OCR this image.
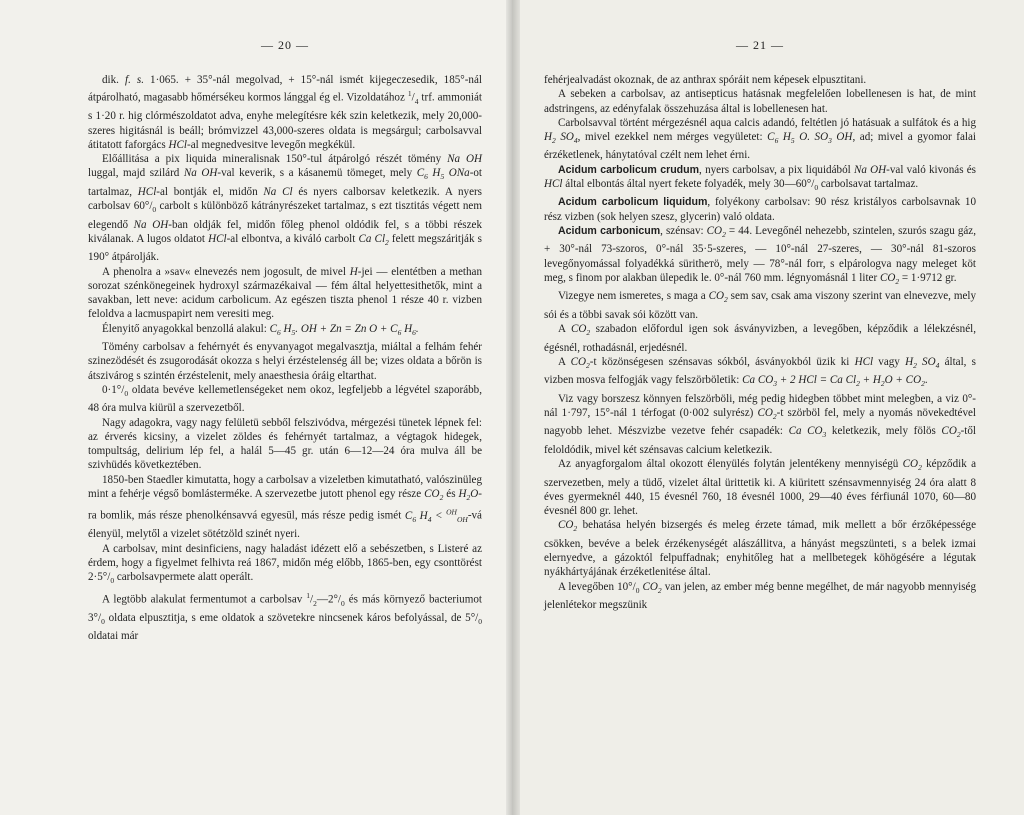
— 20 —

dik. f. s. 1·065. + 35°-nál megolvad, + 15°-nál ismét kijegeczesedik, 185°-nál átpárolható, magasabb hőmérsékeu kormos lánggal ég el. Vizoldatához $^1/_4$ trf. ammoniát s 1·20 r. hig clórmészoldatot adva, enyhe melegítésre kék szin keletkezik, mely 20,000-szeres higitásnál is beáll; brómvizzel 43,000-szeres oldata is megsárgul; carbolsavval átitatott faforgács HCl-al megnedvesitve levegőn megkékül.

Előállitása a pix liquida mineralisnak 150°-tul átpárolgó részét tömény Na OH luggal, majd szilárd Na OH-val keverik, s a kásanemü tömeget, mely $C_6$ $H_5$ ONa-ot tartalmaz, HCl-al bontják el, midőn Na Cl és nyers calborsav keletkezik. A nyers carbolsav $60^\circ/_0$ carbolt s különböző kátrányrészeket tartalmaz, s ezt tisztitás végett nem elegendő Na OH-ban oldják fel, midőn főleg phenol oldódik fel, s a többi részek kiválanak. A lugos oldatot HCl-al elbontva, a kiváló carbolt Ca $Cl_2$ felett megszáritják s 190° átpárolják.

A phenolra a »sav« elnevezés nem jogosult, de mivel H-jei — elentétben a methan sorozat szénkönegeinek hydroxyl származékaival — fém által helyettesithetők, mint a savakban, lett neve: acidum carbolicum. Az egészen tiszta phenol 1 része 40 r. vizben feloldva a lacmuspapirt nem veresiti meg.

Élenyitő anyagokkal benzollá alakul: $C_6$ $H_5$. OH + Zn = Zn $O + C_6$ $H_6$.

Tömény carbolsav a fehérnyét és enyvanyagot megalvasztja, miáltal a felhám fehér szinezödését és zsugorodását okozza s helyi érzéstelenség áll be; vizes oldata a bőrön is átszivárog s szintén érzéstelenit, mely anaesthesia óráig eltarthat.

$0\cdot 1^\circ/_0$ oldata bevéve kellemetlenségeket nem okoz, legfeljebb a légvétel szaporább, 48 óra mulva kiürül a szervezetből.

Nagy adagokra, vagy nagy felületü sebből felszivódva, mérgezési tünetek lépnek fel: az érverés kicsiny, a vizelet zöldes és fehérnyét tartalmaz, a végtagok hidegek, tompultság, delirium lép fel, a halál 5—45 gr. után 6—12—24 óra mulva áll be szivhüdés következtében.

1850-ben Staedler kimutatta, hogy a carbolsav a vizeletben kimutatható, valószinüleg mint a fehérje végső bomlásterméke. A szervezetbe jutott phenol egy része $CO_2$ és $H_2O-ra$ bomlik, más része phenolkénsavvá egyesül, más része pedig ismét $C_6$ $H_4$ < $^{OH}_{OH}$-vá élenyül, melytől a vizelet sötétzöld szinét nyeri.

A carbolsav, mint desinficiens, nagy haladást idézett elő a sebészetben, s Listeré az érdem, hogy a figyelmet felhivta reá 1867, midőn még előbb, 1865-ben, egy csonttörést $2\cdot 5^\circ/_0$ carbolsavpermete alatt operált.

A legtöbb alakulat fermentumot a carbolsav $^1/_2—2^\circ/_0$ és más környező bacteriumot $3^\circ/_0$ oldata elpusztitja, s eme oldatok a szövetekre nincsenek káros befolyással, de $5^\circ/_0$ oldatai már

— 21 —

fehérjealvadást okoznak, de az anthrax spóráit nem képesek elpusztitani.

A sebeken a carbolsav, az antisepticus hatásnak megfelelően lobellenesen is hat, de mint adstringens, az edényfalak összehuzása által is lobellenesen hat.

Carbolsavval történt mérgezésnél aqua calcis adandó, feltétlen jó hatásuak a sulfátok és a hig $H_2$ $SO_4$, mivel ezekkel nem mérges vegyületet: $C_6$ $H_5$ O. $SO_3$ OH, ad; mivel a gyomor falai érzéketlenek, hánytatóval czélt nem lehet érni.

Acidum carbolicum crudum, nyers carbolsav, a pix liquidából Na OH-val való kivonás és HCl által elbontás által nyert fekete folyadék, mely $30—60^\circ/_0$ carbolsavat tartalmaz.

Acidum carbolicum liquidum, folyékony carbolsav: 90 rész kristályos carbolsavnak 10 rész vizben (sok helyen szesz, glycerin) való oldata.

Acidum carbonicum, szénsav: $CO_2 = 44$. Levegőnél nehezebb, szintelen, szurós szagu gáz, + 30°-nál 73-szoros, 0°-nál 35·5-szeres, — 10°-nál 27-szeres, — 30°-nál 81-szoros levegőnyomással folyadékká süritheтö, mely — 78°-nál forr, s elpárologva nagy meleget köt meg, s finom por alakban ülepedik le. 0°-nál 760 mm. légnyomásnál 1 liter $CO_2 = 1\cdot 9712$ gr.

Vizegye nem ismeretes, s maga a $CO_2$ sem sav, csak ama viszony szerint van elnevezve, mely sói és a többi savak sói között van.

A $CO_2$ szabadon előfordul igen sok ásványvizben, a levegőben, képződik a lélekzésnél, égésnél, rothadásnál, erjedésnél.

A $CO_2-t$ közönségesen szénsavas sókból, ásványokból üzik ki HCl vagy $H_2$ $SO_4$ által, s vizben mosva felfogják vagy felszörböletik: Ca $CO_3 + 2$ HCl = Ca $Cl_2 + H_2O + CO_2$.

Viz vagy borszesz könnyen felszörböli, még pedig hidegben többet mint melegben, a viz 0°-nál 1·797, 15°-nál 1 térfogat (0·002 sulyrész) $CO_2-t$ szörböl fel, mely a nyomás növekedtével nagyobb lehet. Mészvizbe vezetve fehér csapadék: Ca $CO_3$ keletkezik, mely fölös $CO_2$-től feloldódik, mivel két szénsavas calcium keletkezik.

Az anyagforgalom által okozott élenyülés folytán jelentékeny mennyiségü $CO_2$ képződik a szervezetben, mely a tüdő, vizelet által ürittetik ki. A kiüritett szénsavmennyiség 24 óra alatt 8 éves gyermeknél 440, 15 évesnél 760, 18 évesnél 1000, 29—40 éves férfiunál 1070, 60—80 évesnél 800 gr. lehet.

$CO_2$ behatása helyén bizsergés és meleg érzete támad, mik mellett a bőr érzőképessége csökken, bevéve a belek érzékenységét alászállitva, a hányást megszünteti, s a belek izmai elernyedve, a gázoktól felpuffadnak; enyhitőleg hat a mellbetegek köhögésére a légutak nyákhártyájának érzéketlenitése által.

A levegőben $10^\circ/_0$ $CO_2$ van jelen, az ember még benne megélhet, de már nagyobb mennyiség jelenlétekor megszünik
